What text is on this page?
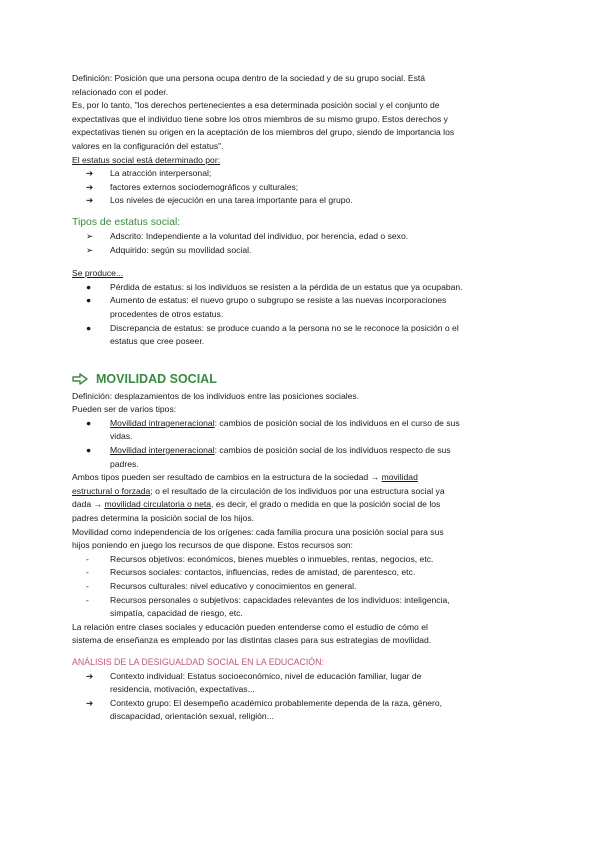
Definición: Posición que una persona ocupa dentro de la sociedad y de su grupo social. Está

relacionado con el poder.

Es, por lo tanto, "los derechos pertenecientes a esa determinada posición social y el conjunto de

expectativas que el individuo tiene sobre los otros miembros de su mismo grupo. Estos derechos y

expectativas tienen su origen en la aceptación de los miembros del grupo, siendo de importancia los

valores en la configuración del estatus".

El estatus social está determinado por:

➔	La atracción interpersonal;
➔	factores externos sociodemográficos y culturales;
➔	Los niveles de ejecución en una tarea importante para el grupo.

Tipos de estatus social:

➢	Adscrito: Independiente a la voluntad del individuo, por herencia, edad o sexo.
➢	Adquirido: según su movilidad social.

Se produce...

●	Pérdida de estatus: si los individuos se resisten a la pérdida de un estatus que ya ocupaban.
●	Aumento de estatus: el nuevo grupo o subgrupo se resiste a las nuevas incorporaciones
procedentes de otros estatus.
●	Discrepancia de estatus: se produce cuando a la persona no se le reconoce la posición o el
estatus que cree poseer.
MOVILIDAD SOCIAL

Definición: desplazamientos de los individuos entre las posiciones sociales.

Pueden ser de varios tipos:

●	Movilidad intrageneracional: cambios de posición social de los individuos en el curso de sus
vidas.
●	Movilidad intergeneracional: cambios de posición social de los individuos respecto de sus
padres.

Ambos tipos pueden ser resultado de cambios en la estructura de la sociedad → movilidad

estructural o forzada; o el resultado de la circulación de los individuos por una estructura social ya

dada → movilidad circulatoria o neta, es decir, el grado o medida en que la posición social de los

padres determina la posición social de los hijos.

Movilidad como independencia de los orígenes: cada familia procura una posición social para sus

hijos poniendo en juego los recursos de que dispone. Estos recursos son:

-	Recursos objetivos: económicos, bienes muebles o inmuebles, rentas, negocios, etc.
-	Recursos sociales: contactos, influencias, redes de amistad, de parentesco, etc.
-	Recursos culturales: nivel educativo y conocimientos en general.
-	Recursos personales o subjetivos: capacidades relevantes de los individuos: inteligencia,
simpatía, capacidad de riesgo, etc.

La relación entre clases sociales y educación pueden entenderse como el estudio de cómo el

sistema de enseñanza es empleado por las distintas clases para sus estrategias de movilidad.

ANÁLISIS DE LA DESIGUALDAD SOCIAL EN LA EDUCACIÓN:

➔	Contexto individual: Estatus socioeconómico, nivel de educación familiar, lugar de
residencia, motivación, expectativas...
➔	Contexto grupo: El desempeño académico probablemente dependa de la raza, género,
discapacidad, orientación sexual, religión...
